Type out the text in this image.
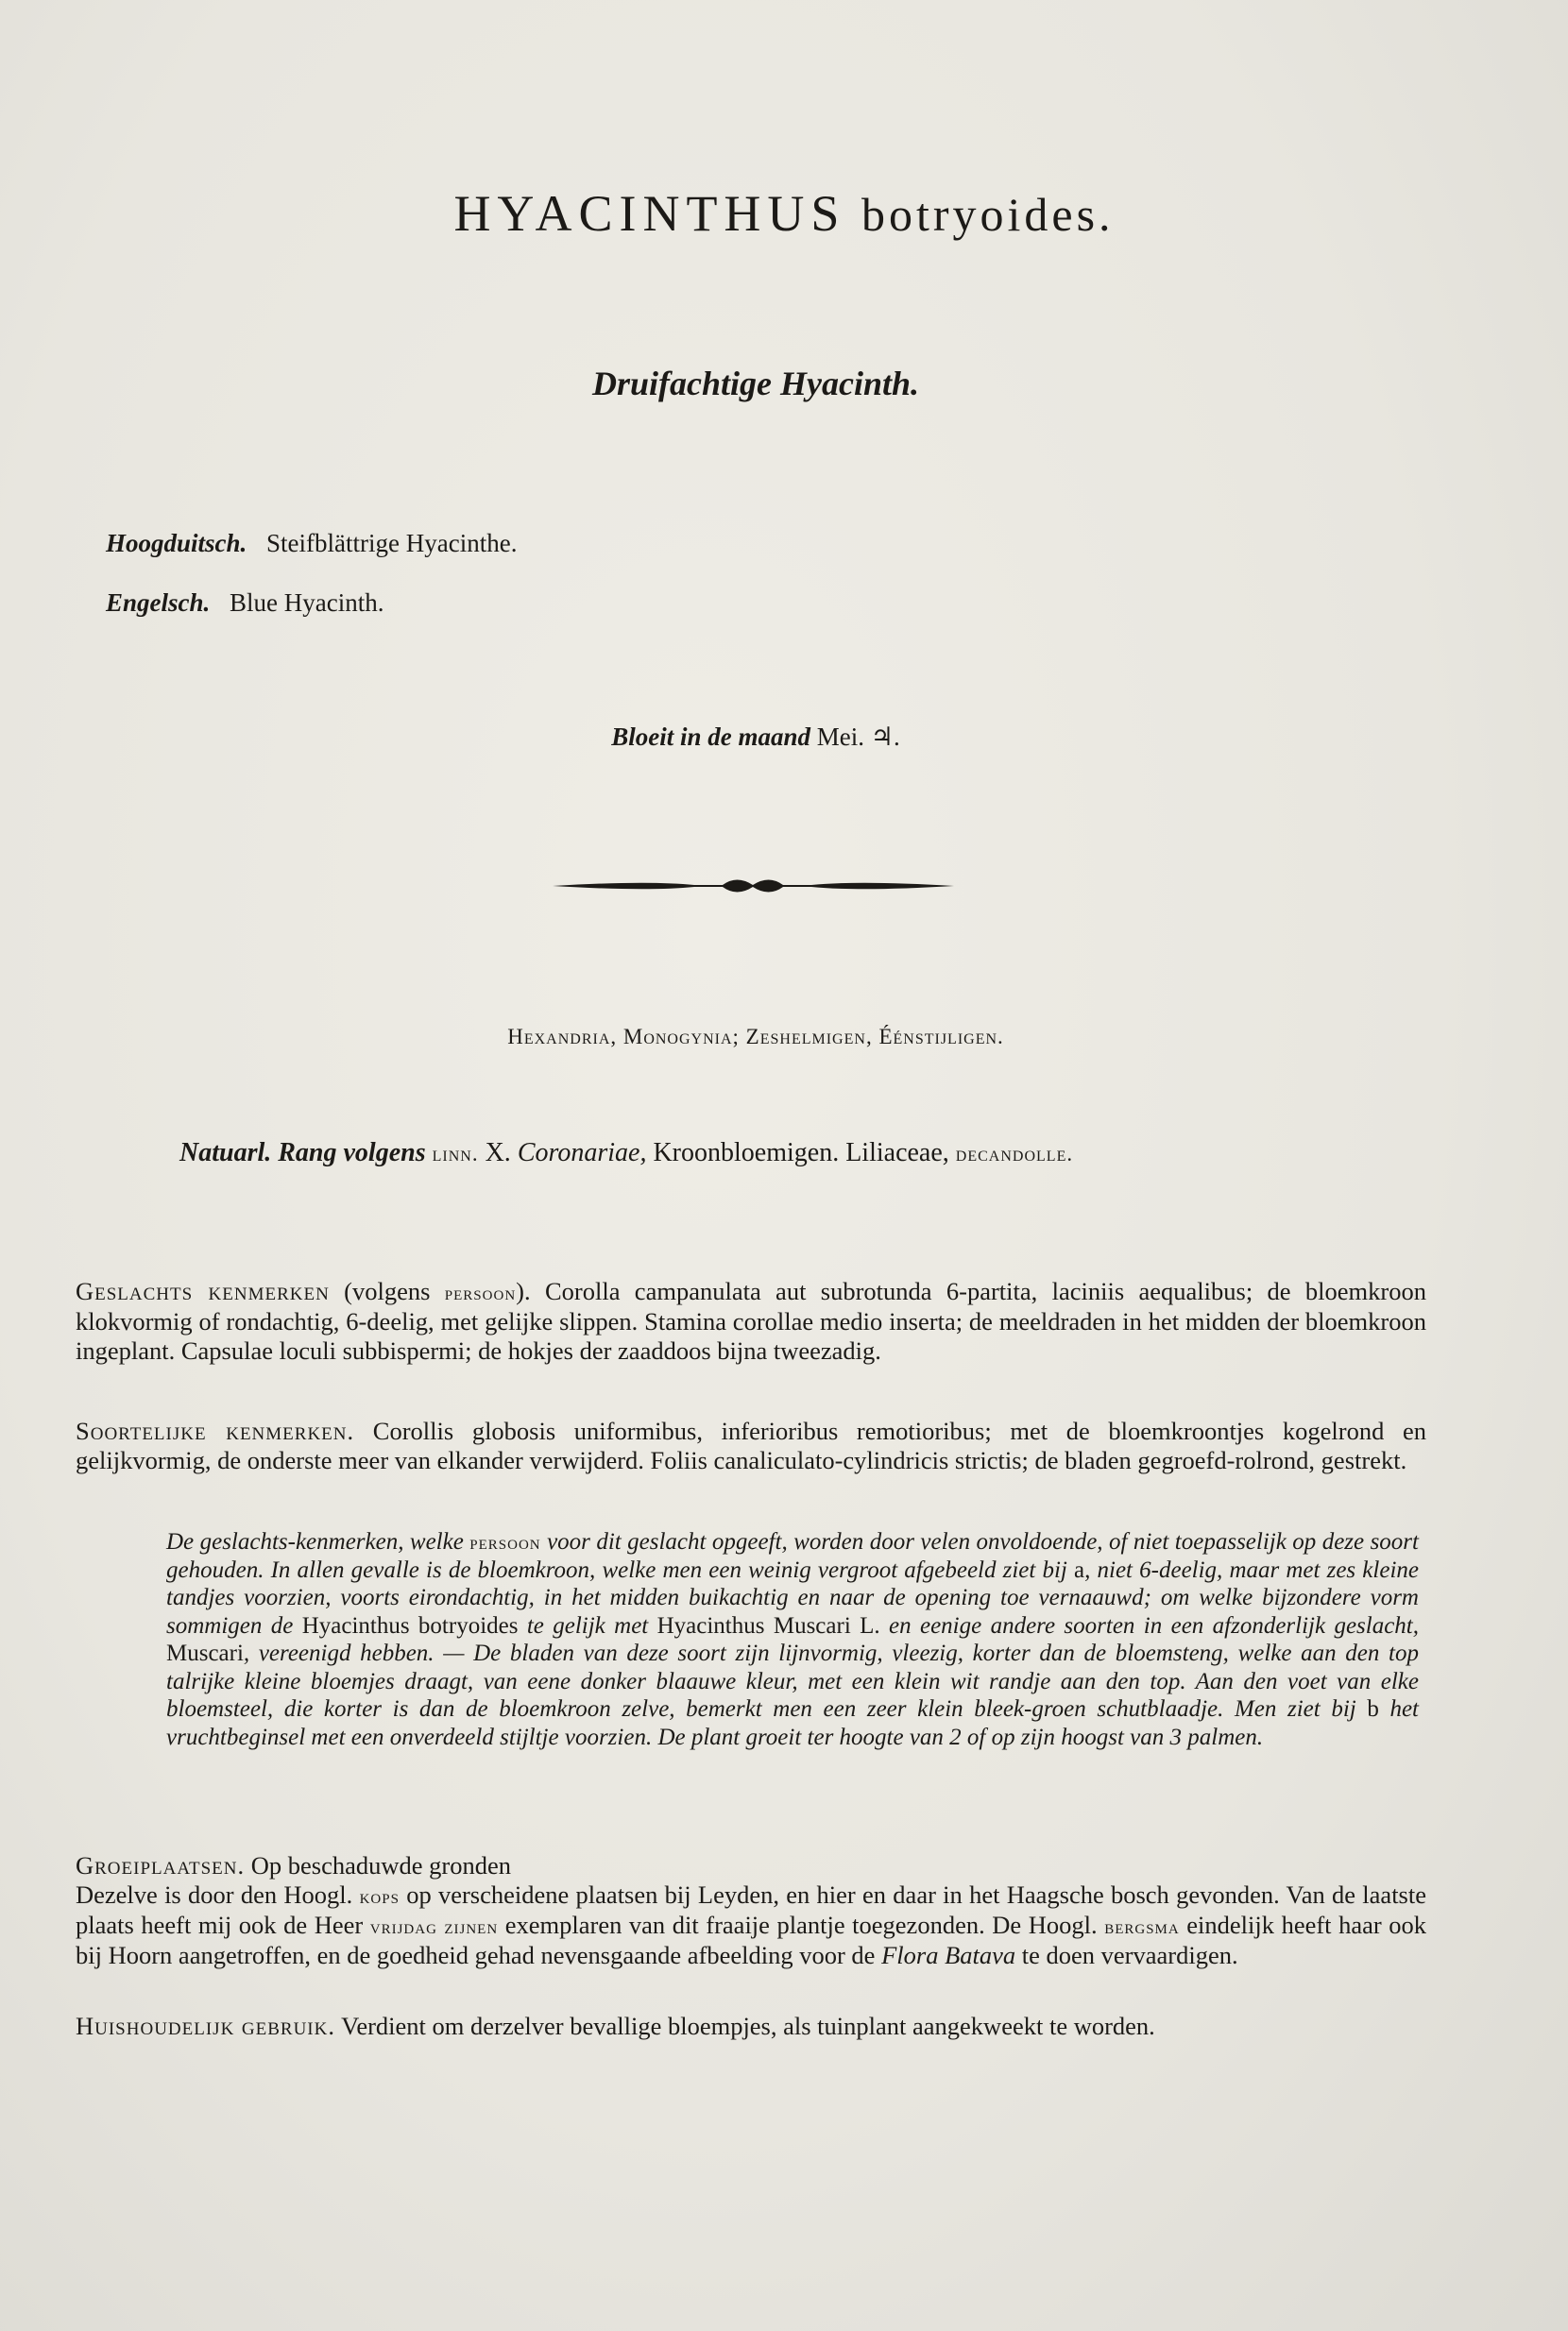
HYACINTHUS botryoides.
Druifachtige Hyacinth.
Hoogduitsch. Steifblättrige Hyacinthe.
Engelsch. Blue Hyacinth.
Bloeit in de maand Mei. ♃.
Hexandria, Monogynia; Zeshelmigen, Éénstijligen.
Natuarl. Rang volgens linn. X. Coronariae, Kroonbloemigen. Liliaceae, decandolle.
Geslachts kenmerken (volgens persoon). Corolla campanulata aut subrotunda 6-partita, laciniis aequalibus; de bloemkroon klokvormig of rondachtig, 6-deelig, met gelijke slippen. Stamina corollae medio inserta; de meeldraden in het midden der bloemkroon ingeplant. Capsulae loculi subbispermi; de hokjes der zaaddoos bijna tweezadig.
Soortelijke kenmerken. Corollis globosis uniformibus, inferioribus remotioribus; met de bloemkroontjes kogelrond en gelijkvormig, de onderste meer van elkander verwijderd. Foliis canaliculato-cylindricis strictis; de bladen gegroefd-rolrond, gestrekt.
De geslachts-kenmerken, welke persoon voor dit geslacht opgeeft, worden door velen onvoldoende, of niet toepasselijk op deze soort gehouden. In allen gevalle is de bloemkroon, welke men een weinig vergroot afgebeeld ziet bij a, niet 6-deelig, maar met zes kleine tandjes voorzien, voorts eirondachtig, in het midden buikachtig en naar de opening toe vernaauwd; om welke bijzondere vorm sommigen de Hyacinthus botryoides te gelijk met Hyacinthus Muscari L. en eenige andere soorten in een afzonderlijk geslacht, Muscari, vereenigd hebben. — De bladen van deze soort zijn lijnvormig, vleezig, korter dan de bloemsteng, welke aan den top talrijke kleine bloemjes draagt, van eene donker blaauwe kleur, met een klein wit randje aan den top. Aan den voet van elke bloemsteel, die korter is dan de bloemkroon zelve, bemerkt men een zeer klein bleek-groen schutblaadje. Men ziet bij b het vruchtbeginsel met een onverdeeld stijltje voorzien. De plant groeit ter hoogte van 2 of op zijn hoogst van 3 palmen.
Groeiplaatsen. Op beschaduwde gronden
Dezelve is door den Hoogl. kops op verscheidene plaatsen bij Leyden, en hier en daar in het Haagsche bosch gevonden. Van de laatste plaats heeft mij ook de Heer vrijdag zijnen exemplaren van dit fraaije plantje toegezonden. De Hoogl. bergsma eindelijk heeft haar ook bij Hoorn aangetroffen, en de goedheid gehad nevensgaande afbeelding voor de Flora Batava te doen vervaardigen.
Huishoudelijk gebruik. Verdient om derzelver bevallige bloempjes, als tuinplant aangekweekt te worden.
